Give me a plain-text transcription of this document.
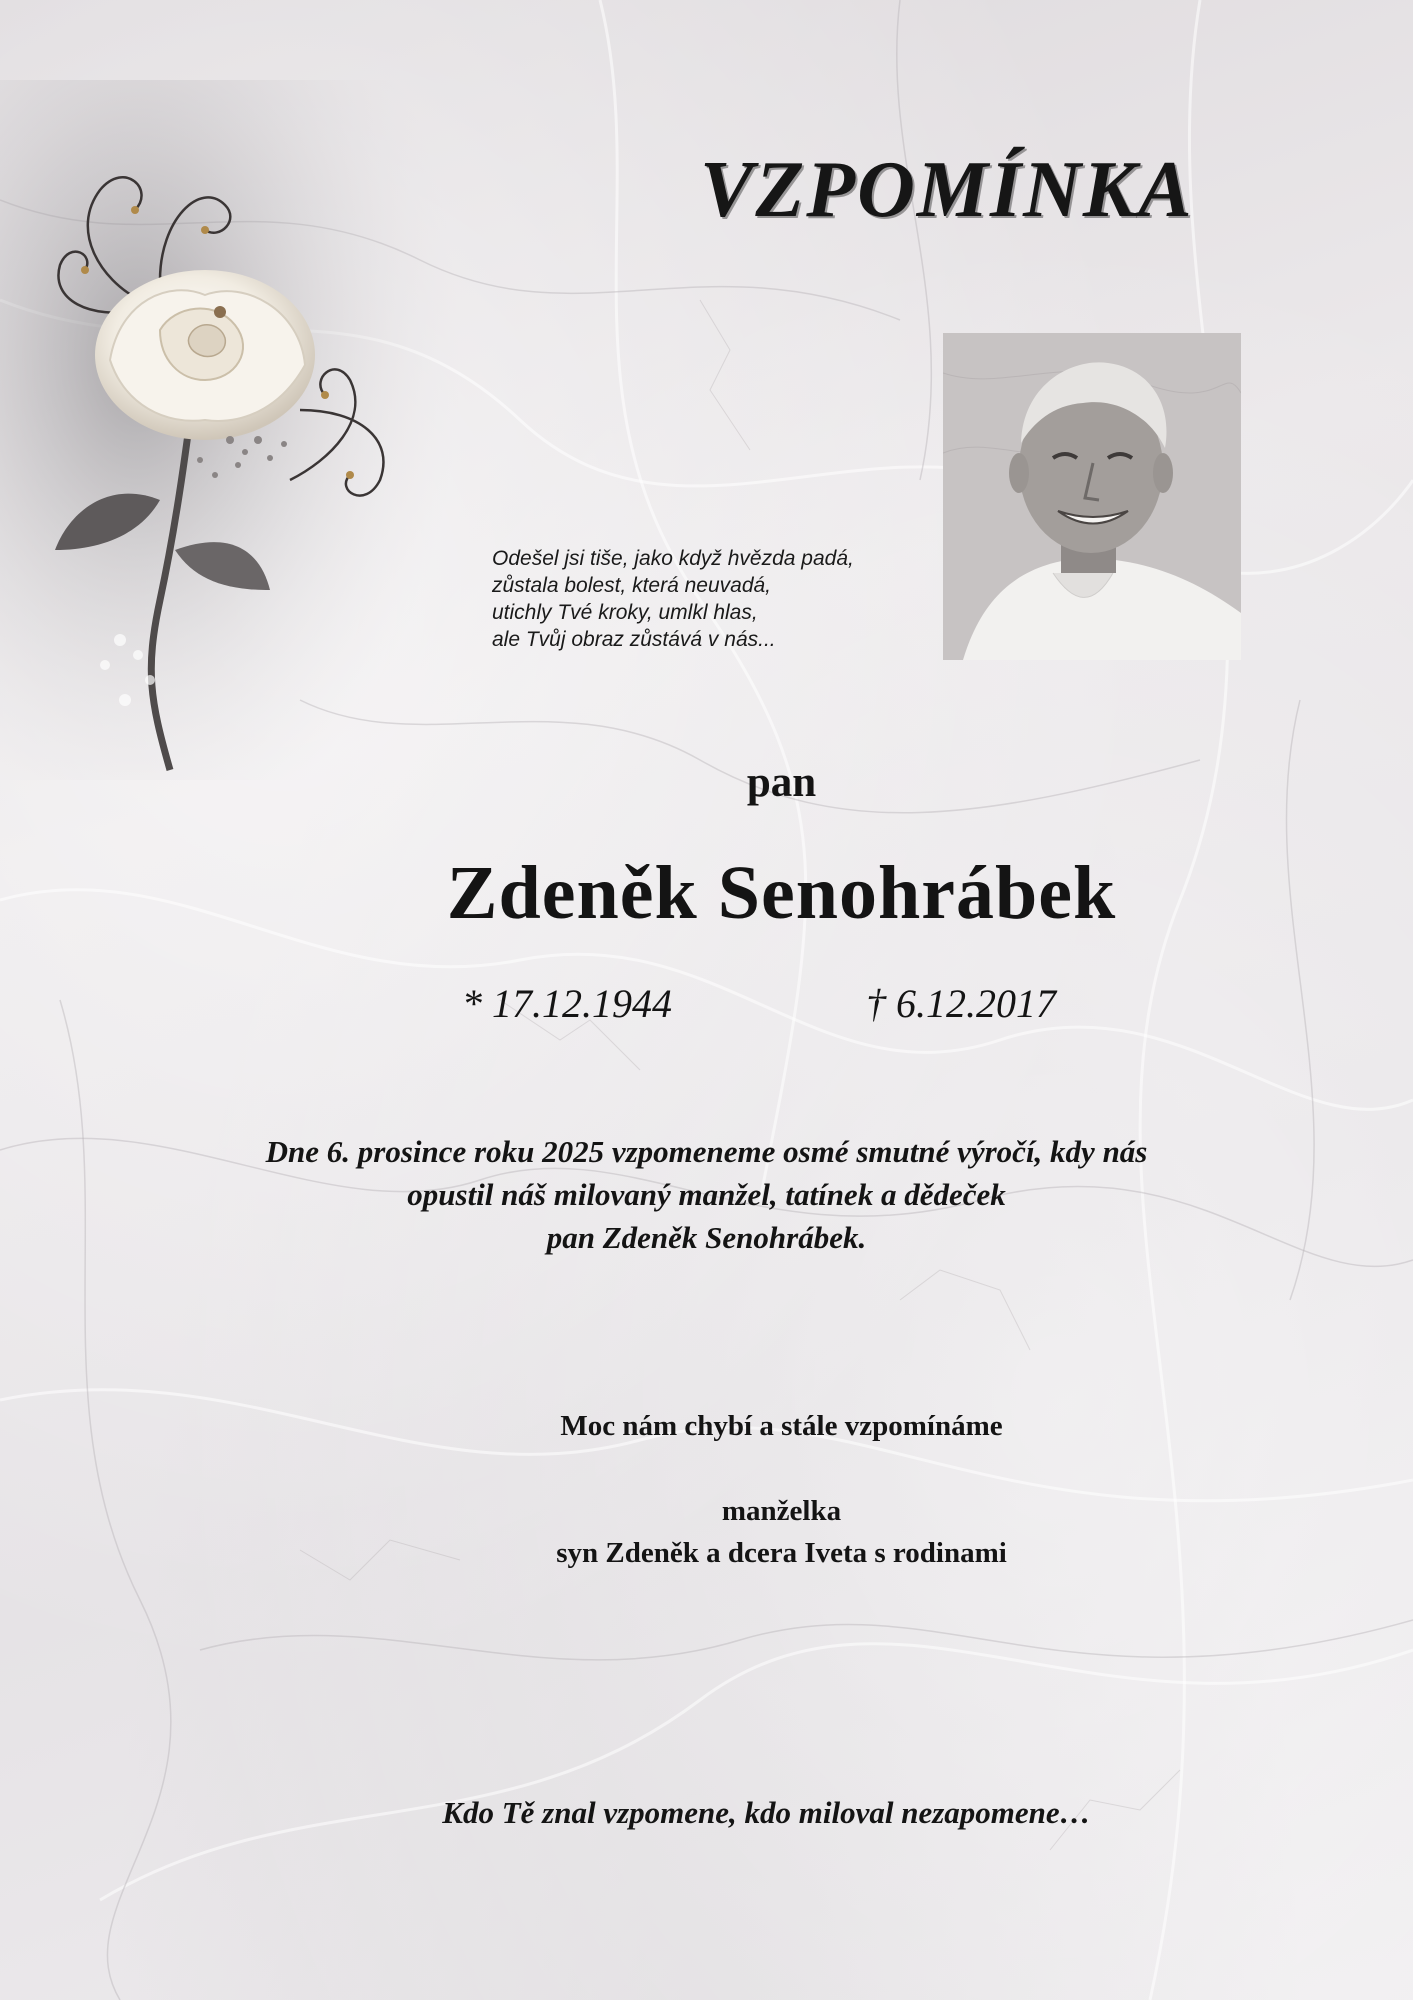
VZPOMÍNKA
Odešel jsi tiše, jako když hvězda padá,
zůstala bolest, která neuvadá,
utichly Tvé kroky, umlkl hlas,
ale Tvůj obraz zůstává v nás...
pan
Zdeněk Senohrábek
* 17.12.1944	† 6.12.2017
Dne 6. prosince roku 2025 vzpomeneme osmé smutné výročí, kdy nás
opustil náš milovaný manžel, tatínek a dědeček
pan Zdeněk Senohrábek.
Moc nám chybí a stále vzpomínáme
manželka
syn Zdeněk a dcera Iveta s rodinami
Kdo Tě znal vzpomene, kdo miloval nezapomene…
